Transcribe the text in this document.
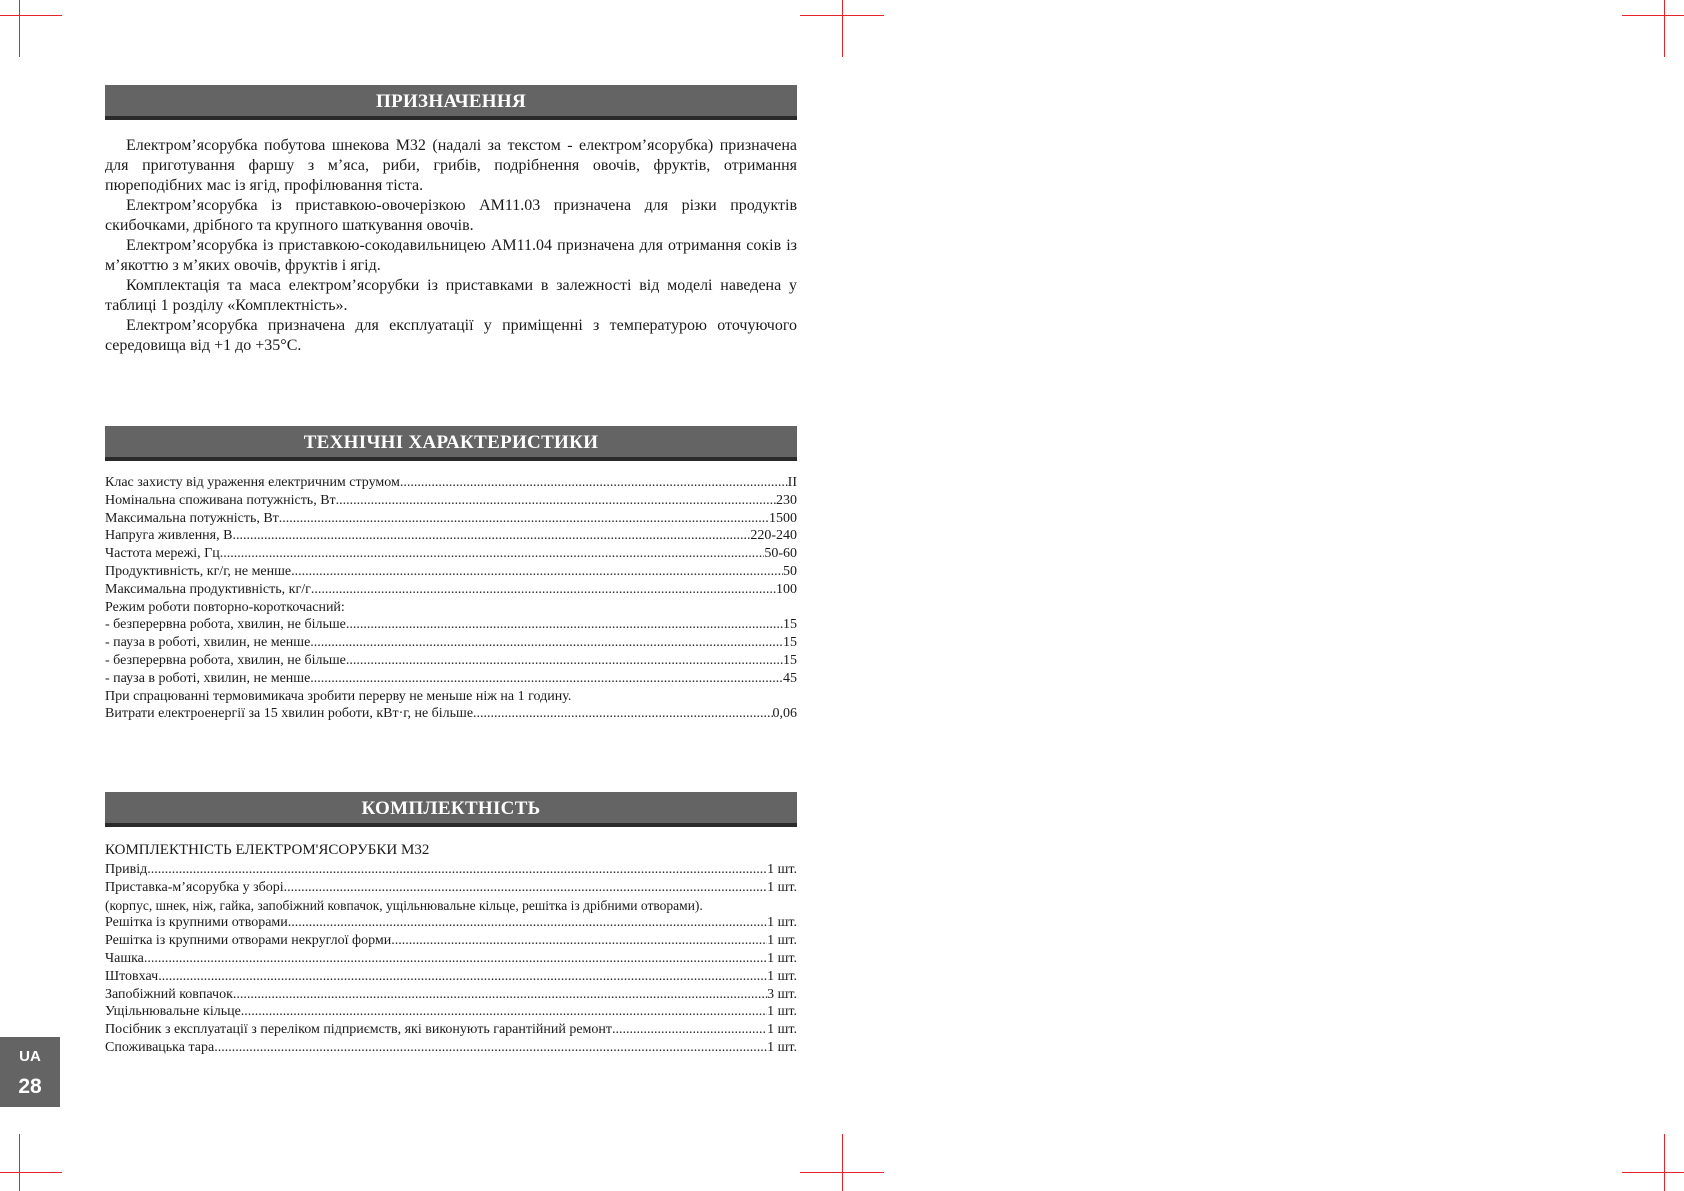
ПРИЗНАЧЕННЯ

Електром’ясорубка побутова шнекова М32 (надалі за текстом - електром’ясорубка) призначена для приготування фаршу з м’яса, риби, грибів, подрібнення овочів, фруктів, отримання пюреподібних мас із ягід, профілювання тіста.

Електром’ясорубка із приставкою-овочерізкою АМ11.03 призначена для різки продуктів скибочками, дрібного та крупного шаткування овочів.

Електром’ясорубка із приставкою-сокодавильницею АМ11.04 призначена для отримання соків із м’якоттю з м’яких овочів, фруктів і ягід.

Комплектація та маса електром’ясорубки із приставками в залежності від моделі наведена у таблиці 1 розділу «Комплектність».

Електром’ясорубка призначена для експлуатації у приміщенні з температурою оточуючого середовища від +1 до +35°С.

ТЕХНІЧНІ ХАРАКТЕРИСТИКИ
Клас захисту від ураження електричним струмом .....	II
Номінальна споживана потужність, Вт .....	230
Максимальна потужність, Вт .....	1500
Напруга живлення, В .....	220-240
Частота мережі, Гц .....	50-60
Продуктивність, кг/г, не менше .....	50
Максимальна продуктивність, кг/г .....	100
Режим роботи повторно-короткочасний:
- безперервна робота, хвилин, не більше .....	15
- пауза в роботі, хвилин, не менше .....	15
- безперервна робота, хвилин, не більше .....	15
- пауза в роботі, хвилин, не менше .....	45
При спрацюванні термовимикача зробити перерву не меньше ніж на 1 годину.
Витрати електроенергії за 15 хвилин роботи, кВт·г, не більше .....	0,06
КОМПЛЕКТНІСТЬ
КОМПЛЕКТНІСТЬ ЕЛЕКТРОМ'ЯСОРУБКИ М32
Привід .....	1 шт.
Приставка-м’ясорубка у зборі .....	1 шт.
(корпус, шнек, ніж, гайка, запобіжний ковпачок, ущільнювальне кільце, решітка із дрібними отворами).
Решітка із крупними отворами .....	1 шт.
Решітка із крупними отворами некруглої форми .....	1 шт.
Чашка .....	1 шт.
Штовхач .....	1 шт.
Запобіжний ковпачок .....	3 шт.
Ущільнювальне кільце .....	1 шт.
Посібник з експлуатації з переліком підприємств, які виконують гарантійний ремонт .....	1 шт.
Споживацька тара .....	1 шт.
UA
28
